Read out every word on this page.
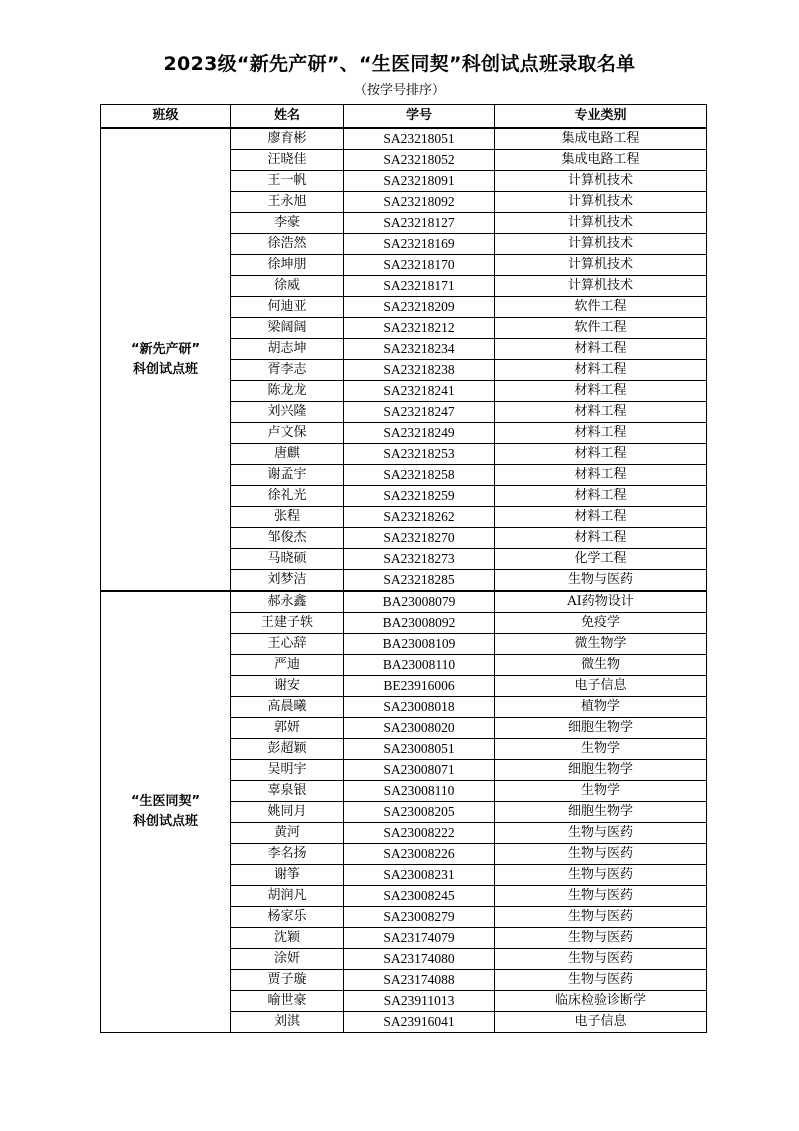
2023级“新先产研”、“生医同契”科创试点班录取名单
（按学号排序）
班级	姓名	学号	专业类别

“新先产研”
科创试点班	廖育彬	SA23218051	集成电路工程
	汪晓佳	SA23218052	集成电路工程
	王一帆	SA23218091	计算机技术
	王永旭	SA23218092	计算机技术
	李豪	SA23218127	计算机技术
	徐浩然	SA23218169	计算机技术
	徐坤朋	SA23218170	计算机技术
	徐威	SA23218171	计算机技术
	何迪亚	SA23218209	软件工程
	梁阔阔	SA23218212	软件工程
	胡志坤	SA23218234	材料工程
	胥李志	SA23218238	材料工程
	陈龙龙	SA23218241	材料工程
	刘兴隆	SA23218247	材料工程
	卢文保	SA23218249	材料工程
	唐麒	SA23218253	材料工程
	谢孟宇	SA23218258	材料工程
	徐礼光	SA23218259	材料工程
	张程	SA23218262	材料工程
	邹俊杰	SA23218270	材料工程
	马晓硕	SA23218273	化学工程
	刘梦洁	SA23218285	生物与医药

“生医同契”
科创试点班	郝永鑫	BA23008079	AI药物设计
	王建子轶	BA23008092	免疫学
	王心辞	BA23008109	微生物学
	严迪	BA23008110	微生物
	谢安	BE23916006	电子信息
	高晨曦	SA23008018	植物学
	郭妍	SA23008020	细胞生物学
	彭超颖	SA23008051	生物学
	吴明宇	SA23008071	细胞生物学
	辜泉银	SA23008110	生物学
	姚同月	SA23008205	细胞生物学
	黄河	SA23008222	生物与医药
	李名扬	SA23008226	生物与医药
	谢筝	SA23008231	生物与医药
	胡润凡	SA23008245	生物与医药
	杨家乐	SA23008279	生物与医药
	沈颖	SA23174079	生物与医药
	涂妍	SA23174080	生物与医药
	贾子璇	SA23174088	生物与医药
	喻世豪	SA23911013	临床检验诊断学
	刘淇	SA23916041	电子信息
